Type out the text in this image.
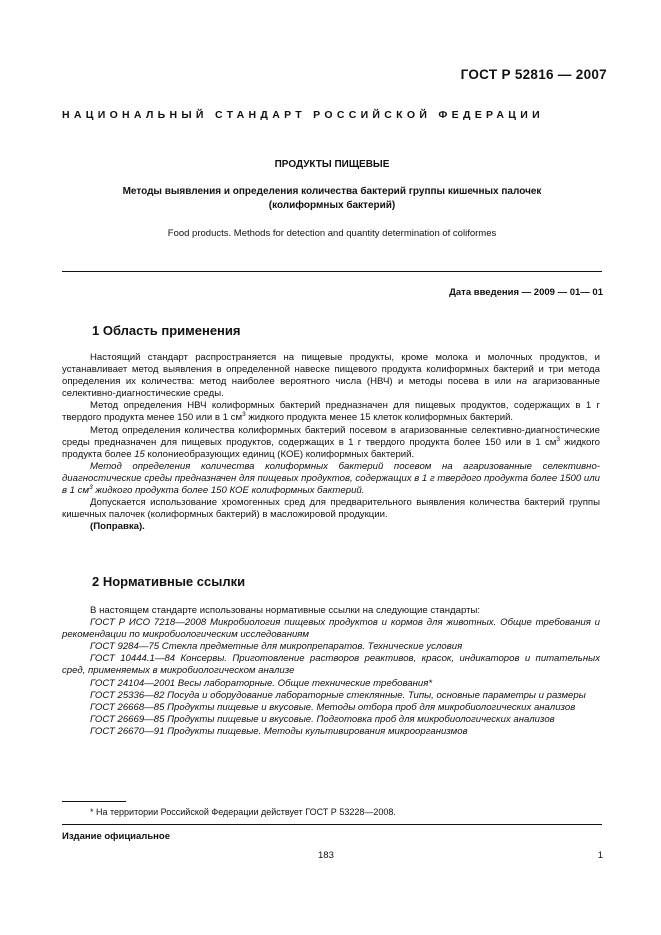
ГОСТ Р 52816 — 2007
НАЦИОНАЛЬНЫЙ СТАНДАРТ РОССИЙСКОЙ ФЕДЕРАЦИИ
ПРОДУКТЫ ПИЩЕВЫЕ
Методы выявления и определения количества бактерий группы кишечных палочек
(колиформных бактерий)
Food products. Methods for detection and quantity determination of coliformes
Дата введения — 2009 — 01— 01
1 Область применения

Настоящий стандарт распространяется на пищевые продукты, кроме молока и молочных продуктов, и устанавливает метод выявления в определенной навеске пищевого продукта колиформных бактерий и три метода определения их количества: метод наиболее вероятного числа (НВЧ) и методы посева в или на агаризованные селективно-диагностические среды.

Метод определения НВЧ колиформных бактерий предназначен для пищевых продуктов, содержащих в 1 г твердого продукта менее 150 или в 1 $см^3$ жидкого продукта менее 15 клеток колиформных бактерий.

Метод определения количества колиформных бактерий посевом в агаризованные селективно-диагностические среды предназначен для пищевых продуктов, содержащих в 1 г твердого продукта более 150 или в 1 $см^3$ жидкого продукта более 15 колониеобразующих единиц (КОЕ) колиформных бактерий.

Метод определения количества колиформных бактерий посевом на агаризованные селективно-диагностические среды предназначен для пищевых продуктов, содержащих в 1 г твердого продукта более 1500 или в 1 $см^3$ жидкого продукта более 150 КОЕ колиформных бактерий.

Допускается использование хромогенных сред для предварительного выявления количества бактерий группы кишечных палочек (колиформных бактерий) в масложировой продукции.

(Поправка).

2 Нормативные ссылки

В настоящем стандарте использованы нормативные ссылки на следующие стандарты:

ГОСТ Р ИСО 7218—2008 Микробиология пищевых продуктов и кормов для животных. Общие требования и рекомендации по микробиологическим исследованиям

ГОСТ 9284—75 Стекла предметные для микропрепаратов. Технические условия

ГОСТ 10444.1—84 Консервы. Приготовление растворов реактивов, красок, индикаторов и питательных сред, применяемых в микробиологическом анализе

ГОСТ 24104—2001 Весы лабораторные. Общие технические требования*

ГОСТ 25336—82 Посуда и оборудование лабораторные стеклянные. Типы, основные параметры и размеры

ГОСТ 26668—85 Продукты пищевые и вкусовые. Методы отбора проб для микробиологических анализов

ГОСТ 26669—85 Продукты пищевые и вкусовые. Подготовка проб для микробиологических анализов

ГОСТ 26670—91 Продукты пищевые. Методы культивирования микроорганизмов

* На территории Российской Федерации действует ГОСТ Р 53228—2008.
Издание официальное
183	1
